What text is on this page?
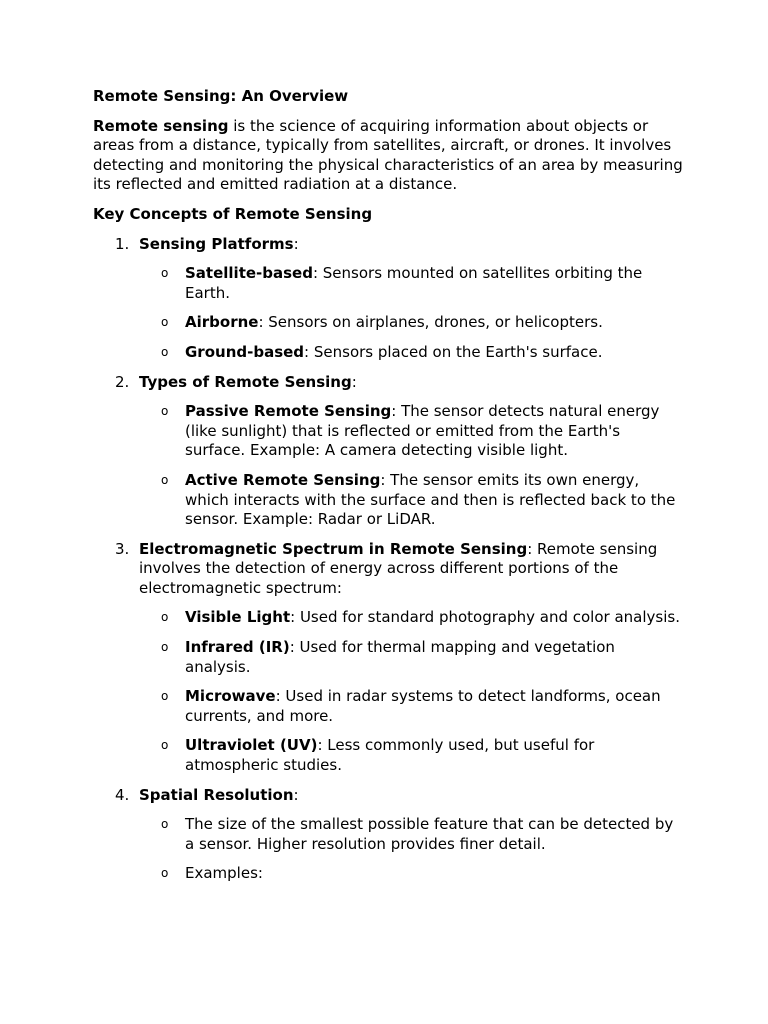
Remote Sensing: An Overview

Remote sensing is the science of acquiring information about objects or areas from a distance, typically from satellites, aircraft, or drones. It involves detecting and monitoring the physical characteristics of an area by measuring its reflected and emitted radiation at a distance.

Key Concepts of Remote Sensing
1. Sensing Platforms:
o Satellite-based: Sensors mounted on satellites orbiting the Earth.
o Airborne: Sensors on airplanes, drones, or helicopters.
o Ground-based: Sensors placed on the Earth's surface.
2. Types of Remote Sensing:
o Passive Remote Sensing: The sensor detects natural energy (like sunlight) that is reflected or emitted from the Earth's surface. Example: A camera detecting visible light.
o Active Remote Sensing: The sensor emits its own energy, which interacts with the surface and then is reflected back to the sensor. Example: Radar or LiDAR.
3. Electromagnetic Spectrum in Remote Sensing: Remote sensing involves the detection of energy across different portions of the electromagnetic spectrum:
o Visible Light: Used for standard photography and color analysis.
o Infrared (IR): Used for thermal mapping and vegetation analysis.
o Microwave: Used in radar systems to detect landforms, ocean currents, and more.
o Ultraviolet (UV): Less commonly used, but useful for atmospheric studies.
4. Spatial Resolution:
o The size of the smallest possible feature that can be detected by a sensor. Higher resolution provides finer detail.
o Examples:
